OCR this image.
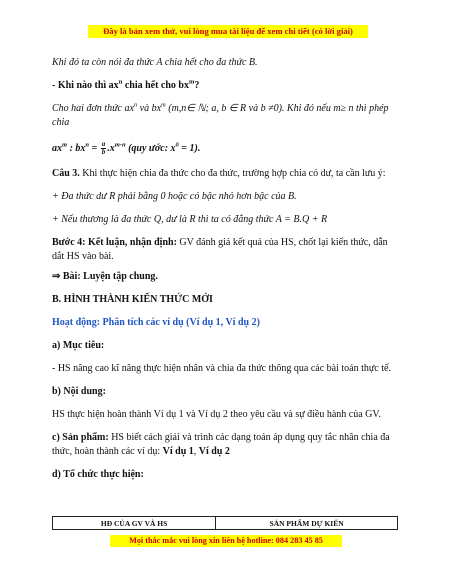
Đây là bản xem thử, vui lòng mua tài liệu để xem chi tiết (có lời giải)

Khi đó ta còn nói đa thức A chia hết cho đa thức B.

- Khi nào thì $ax^n$ chia hết cho $bx^m$?

Cho hai đơn thức $ax^n$ và $bx^m$ (m,n∈ ℕ; a, b ∈ R và b ≠0). Khi đó nếu m≥ n thì phép
chia

$ax^m$ : $bx^n = \frac{a}{b} .x^{m-n}$ (quy ước: $x^0 = 1$).

Câu 3. Khi thực hiện chia đa thức cho đa thức, trường hợp chia có dư, ta cần lưu ý:

+ Đa thức dư R phải bằng 0 hoặc có bậc nhỏ hơn bậc của B.

+ Nếu thương là đa thức Q, dư là R thì ta có đẳng thức A = B.Q + R

Bước 4: Kết luận, nhận định: GV đánh giá kết quả của HS, chốt lại kiến thức, dẫn dắt HS vào bài.

⇒ Bài: Luyện tập chung.

B. HÌNH THÀNH KIẾN THỨC MỚI

Hoạt động: Phân tích các ví dụ (Ví dụ 1, Ví dụ 2)

a) Mục tiêu:

- HS nâng cao kĩ năng thực hiện nhân và chia đa thức thông qua các bài toán thực tế.

b) Nội dung:

HS thực hiện hoàn thành Ví dụ 1 và Ví dụ 2 theo yêu cầu và sự điều hành của GV.

c) Sản phẩm: HS biết cách giải và trình các dạng toán áp dụng quy tắc nhân chia đa thức, hoàn thành các ví dụ: Ví dụ 1, Ví dụ 2

d) Tổ chức thực hiện:

HĐ CỦA GV VÀ HS	SẢN PHẨM DỰ KIẾN
Mọi thắc mắc vui lòng xin liên hệ hotline: 084 283 45 85
